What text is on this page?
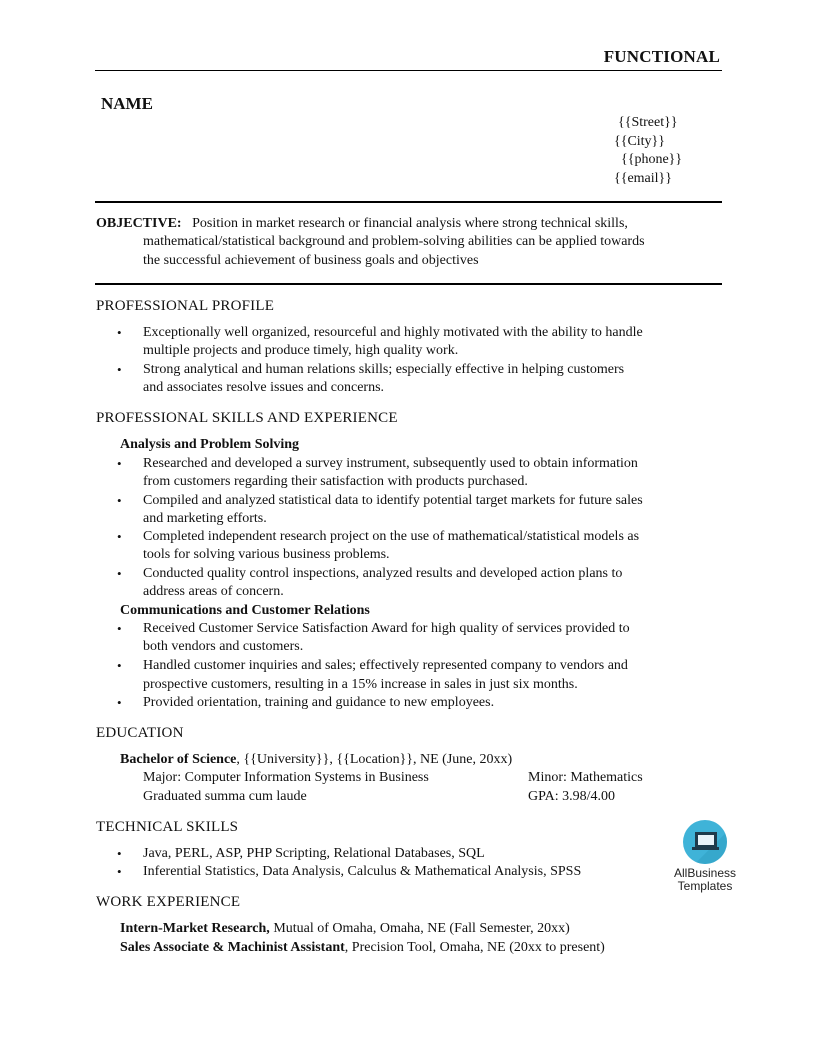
FUNCTIONAL
NAME
{{Street}}
{{City}}
{{phone}}
{{email}}
OBJECTIVE: Position in market research or financial analysis where strong technical skills,
mathematical/statistical background and problem-solving abilities can be applied towards
the successful achievement of business goals and objectives
PROFESSIONAL PROFILE
• Exceptionally well organized, resourceful and highly motivated with the ability to handle
multiple projects and produce timely, high quality work.
• Strong analytical and human relations skills; especially effective in helping customers
and associates resolve issues and concerns.
PROFESSIONAL SKILLS AND EXPERIENCE
Analysis and Problem Solving
• Researched and developed a survey instrument, subsequently used to obtain information
from customers regarding their satisfaction with products purchased.
• Compiled and analyzed statistical data to identify potential target markets for future sales
and marketing efforts.
• Completed independent research project on the use of mathematical/statistical models as
tools for solving various business problems.
• Conducted quality control inspections, analyzed results and developed action plans to
address areas of concern.
Communications and Customer Relations
• Received Customer Service Satisfaction Award for high quality of services provided to
both vendors and customers.
• Handled customer inquiries and sales; effectively represented company to vendors and
prospective customers, resulting in a 15% increase in sales in just six months.
• Provided orientation, training and guidance to new employees.
EDUCATION
Bachelor of Science, {{University}}, {{Location}}, NE (June, 20xx)
Major: Computer Information Systems in Business	Minor: Mathematics
Graduated summa cum laude	GPA: 3.98/4.00
TECHNICAL SKILLS
• Java, PERL, ASP, PHP Scripting, Relational Databases, SQL
• Inferential Statistics, Data Analysis, Calculus & Mathematical Analysis, SPSS
WORK EXPERIENCE
Intern-Market Research, Mutual of Omaha, Omaha, NE (Fall Semester, 20xx)
Sales Associate & Machinist Assistant, Precision Tool, Omaha, NE (20xx to present)
AllBusiness
Templates
